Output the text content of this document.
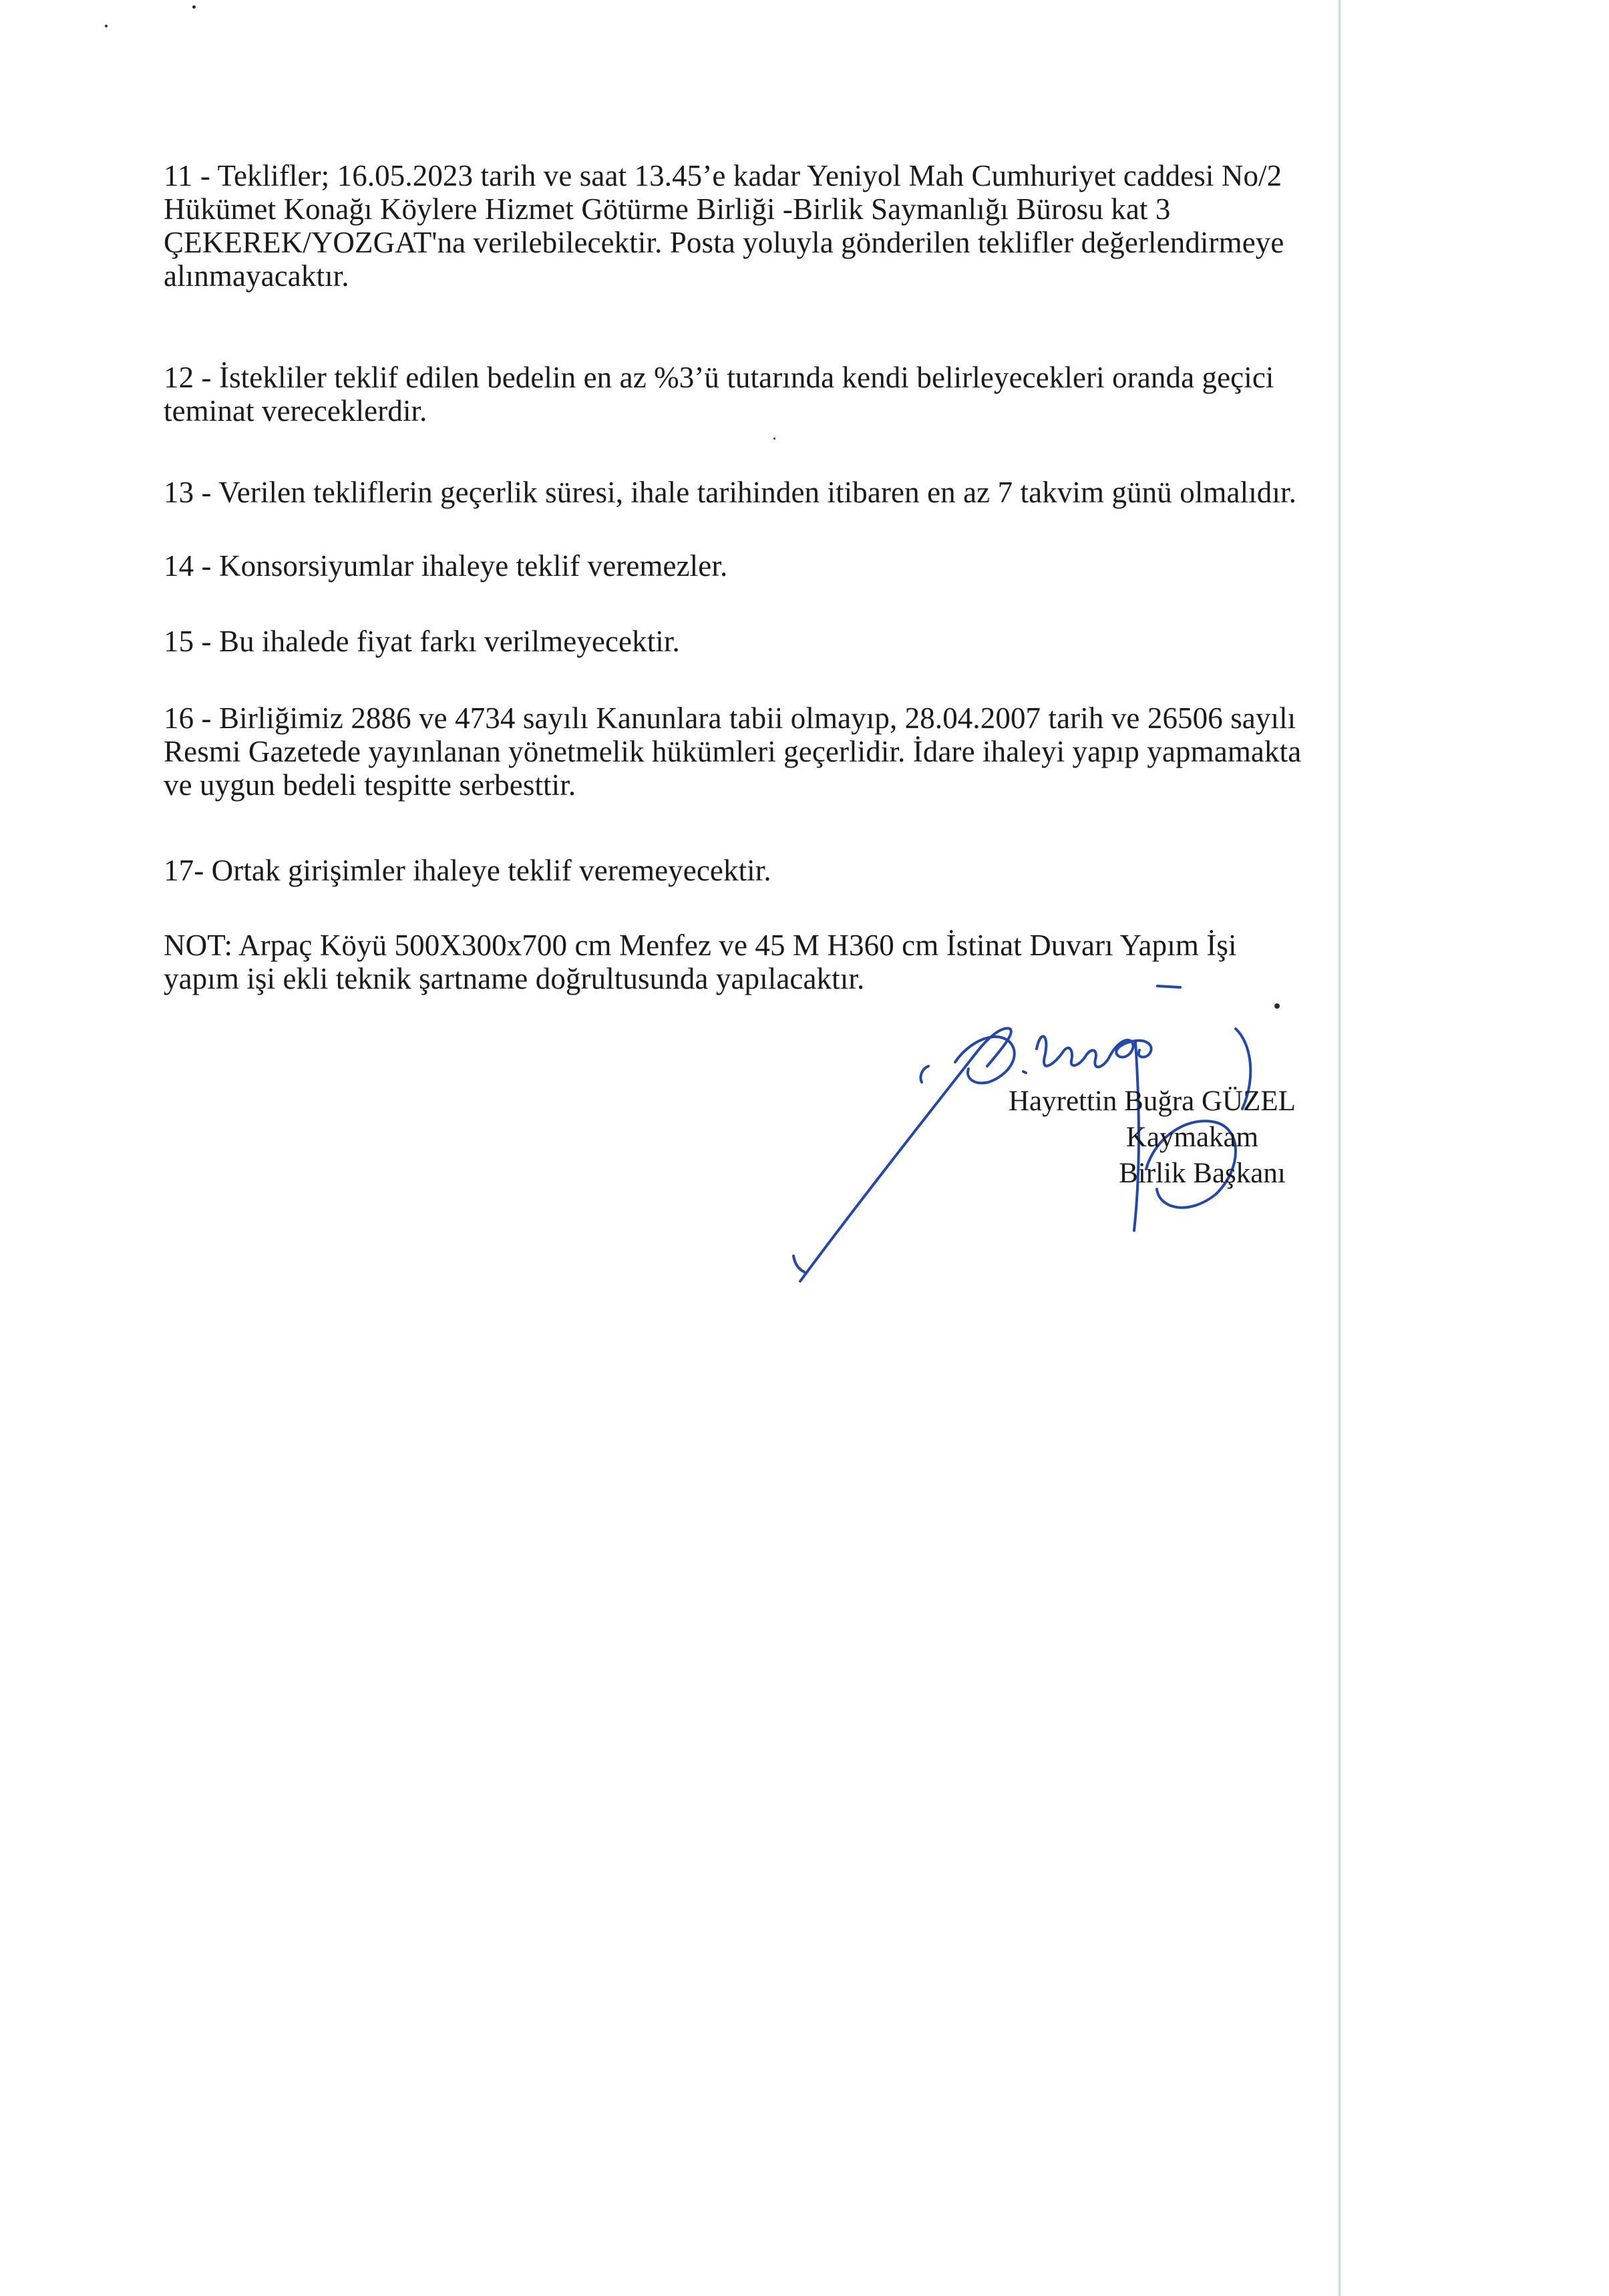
11 - Teklifler; 16.05.2023 tarih ve saat 13.45’e kadar Yeniyol Mah Cumhuriyet caddesi No/2
Hükümet Konağı Köylere Hizmet Götürme Birliği -Birlik Saymanlığı Bürosu kat 3
ÇEKEREK/YOZGAT'na verilebilecektir. Posta yoluyla gönderilen teklifler değerlendirmeye
alınmayacaktır.

12 - İstekliler teklif edilen bedelin en az %3’ü tutarında kendi belirleyecekleri oranda geçici
teminat vereceklerdir.

13 - Verilen tekliflerin geçerlik süresi, ihale tarihinden itibaren en az 7 takvim günü olmalıdır.

14 - Konsorsiyumlar ihaleye teklif veremezler.

15 - Bu ihalede fiyat farkı verilmeyecektir.

16 - Birliğimiz 2886 ve 4734 sayılı Kanunlara tabii olmayıp, 28.04.2007 tarih ve 26506 sayılı
Resmi Gazetede yayınlanan yönetmelik hükümleri geçerlidir. İdare ihaleyi yapıp yapmamakta
ve uygun bedeli tespitte serbesttir.

17- Ortak girişimler ihaleye teklif veremeyecektir.

NOT: Arpaç Köyü 500X300x700 cm Menfez ve 45 M H360 cm İstinat Duvarı Yapım İşi
yapım işi ekli teknik şartname doğrultusunda yapılacaktır.

Hayrettin Buğra GÜZEL
Kaymakam
Birlik Başkanı
